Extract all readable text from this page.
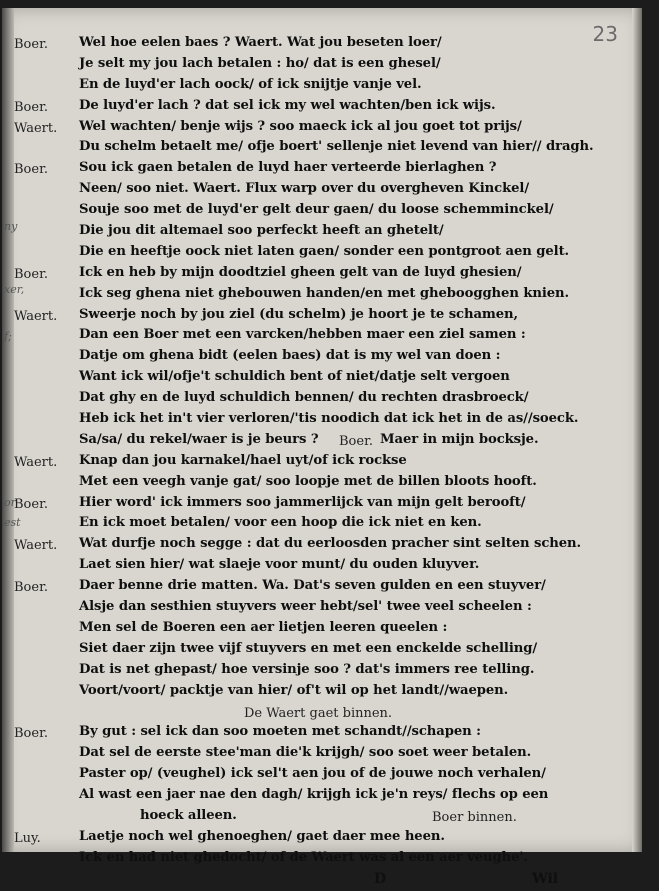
23
ny
xer,
f;
or
est
Boer. Wel hoe eelen baes ? Waert. Wat jou beseten loer/
Je selt my jou lach betalen : ho/ dat is een ghesel/
En de luyd'er lach oock/ of ick snijtje vanje vel.
Boer. De luyd'er lach ? dat sel ick my wel wachten/ben ick wijs.
Waert. Wel wachten/ benje wijs ? soo maeck ick al jou goet tot prijs/
Du schelm betaelt me/ ofje boert' sellenje niet levend van hier// dragh.
Boer. Sou ick gaen betalen de luyd haer verteerde bierlaghen ?
Neen/ soo niet. Waert. Flux warp over du overgheven Kinckel/
Souje soo met de luyd'er gelt deur gaen/ du loose schemminckel/
Die jou dit altemael soo perfeckt heeft an ghetelt/
Die en heeftje oock niet laten gaen/ sonder een pontgroot aen gelt.
Boer. Ick en heb by mijn doodtziel gheen gelt van de luyd ghesien/
Ick seg ghena niet ghebouwen handen/en met gheboogghen knien.
Waert. Sweerje noch by jou ziel (du schelm) je hoort je te schamen,
Dan een Boer met een varcken/hebben maer een ziel samen :
Datje om ghena bidt (eelen baes) dat is my wel van doen :
Want ick wil/ofje't schuldich bent of niet/datje selt vergoen
Dat ghy en de luyd schuldich bennen/ du rechten drasbroeck/
Heb ick het in't vier verloren/'tis noodich dat ick het in de as//soeck.
Sa/sa/ du rekel/waer is je beurs ? Boer. Maer in mijn bocksje.
Waert. Knap dan jou karnakel/hael uyt/of ick rockse
Met een veegh vanje gat/ soo loopje met de billen bloots hooft.
Boer. Hier word' ick immers soo jammerlijck van mijn gelt berooft/
En ick moet betalen/ voor een hoop die ick niet en ken.
Waert. Wat durfje noch segge : dat du eerloosden pracher sint selten schen.
Laet sien hier/ wat slaeje voor munt/ du ouden kluyver.
Boer. Daer benne drie matten. Wa. Dat's seven gulden en een stuyver/
Alsje dan sesthien stuyvers weer hebt/sel' twee veel scheelen :
Men sel de Boeren een aer lietjen leeren queelen :
Siet daer zijn twee vijf stuyvers en met een enckelde schelling/
Dat is net ghepast/ hoe versinje soo ? dat's immers ree telling.
Voort/voort/ packtje van hier/ of't wil op het landt//waepen.
De Waert gaet binnen.
Boer. By gut : sel ick dan soo moeten met schandt//schapen :
Dat sel de eerste stee'man die'k krijgh/ soo soet weer betalen.
Paster op/ (veughel) ick sel't aen jou of de jouwe noch verhalen/
Al wast een jaer nae den dagh/ krijgh ick je'n reys/ flechs op een
hoeck alleen.	Boer binnen.
Luy.	Laetje noch wel ghenoeghen/ gaet daer mee heen.
Ick en had niet ghedocht/ of de Waert was al een aer veughe'.
D	Wil
